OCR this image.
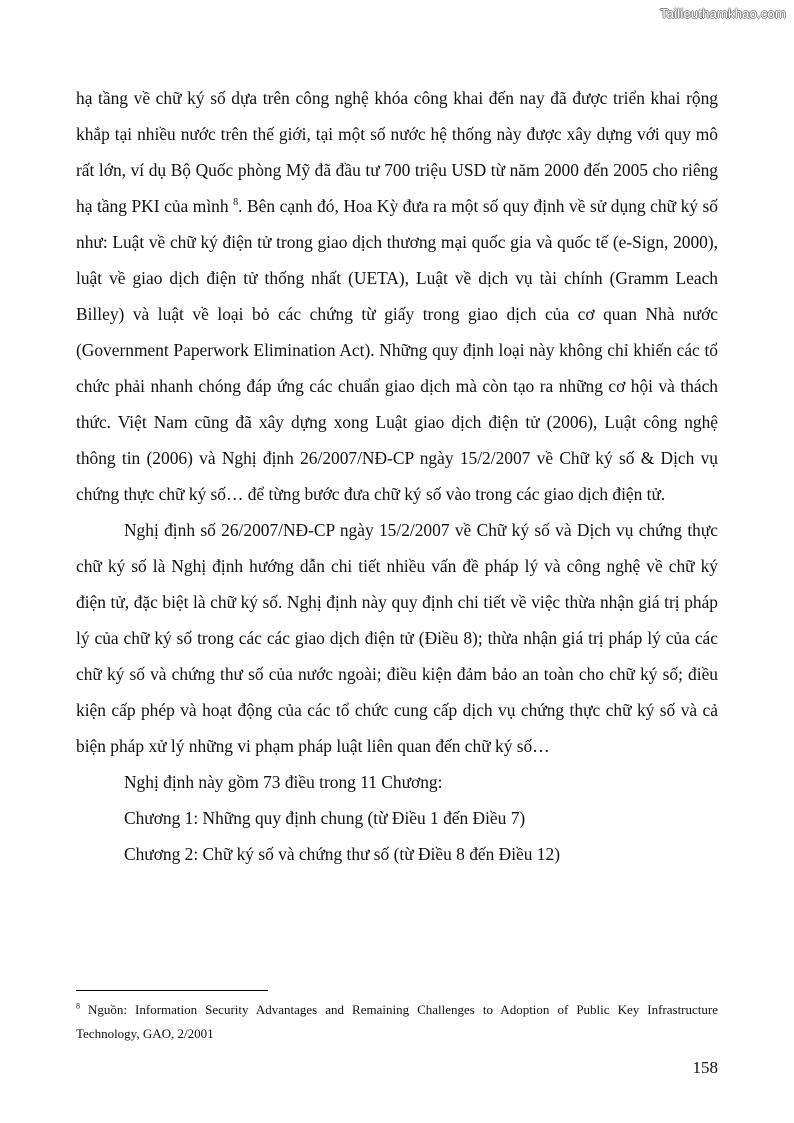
Tailieuthamkhao.com

hạ tầng về chữ ký số dựa trên công nghệ khóa công khai đến nay đã được triển khai rộng khắp tại nhiều nước trên thế giới, tại một số nước hệ thống này được xây dựng với quy mô rất lớn, ví dụ Bộ Quốc phòng Mỹ đã đầu tư 700 triệu USD từ năm 2000 đến 2005 cho riêng hạ tầng PKI của mình $^8$. Bên cạnh đó, Hoa Kỳ đưa ra một số quy định về sử dụng chữ ký số như: Luật về chữ ký điện tử trong giao dịch thương mại quốc gia và quốc tế (e-Sign, 2000), luật về giao dịch điện tử thống nhất (UETA), Luật về dịch vụ tài chính (Gramm Leach Billey) và luật về loại bỏ các chứng từ giấy trong giao dịch của cơ quan Nhà nước (Government Paperwork Elimination Act). Những quy định loại này không chỉ khiến các tổ chức phải nhanh chóng đáp ứng các chuẩn giao dịch mà còn tạo ra những cơ hội và thách thức. Việt Nam cũng đã xây dựng xong Luật giao dịch điện tử (2006), Luật công nghệ thông tin (2006) và Nghị định 26/2007/NĐ-CP ngày 15/2/2007 về Chữ ký số & Dịch vụ chứng thực chữ ký số… để từng bước đưa chữ ký số vào trong các giao dịch điện tử.

Nghị định số 26/2007/NĐ-CP ngày 15/2/2007 về Chữ ký số và Dịch vụ chứng thực chữ ký số là Nghị định hướng dẫn chi tiết nhiều vấn đề pháp lý và công nghệ về chữ ký điện tử, đặc biệt là chữ ký số. Nghị định này quy định chi tiết về việc thừa nhận giá trị pháp lý của chữ ký số trong các các giao dịch điện tử (Điều 8); thừa nhận giá trị pháp lý của các chữ ký số và chứng thư số của nước ngoài; điều kiện đảm bảo an toàn cho chữ ký số; điều kiện cấp phép và hoạt động của các tổ chức cung cấp dịch vụ chứng thực chữ ký số và cả biện pháp xử lý những vi phạm pháp luật liên quan đến chữ ký số…

Nghị định này gồm 73 điều trong 11 Chương:

Chương 1: Những quy định chung (từ Điều 1 đến Điều 7)

Chương 2: Chữ ký số và chứng thư số (từ Điều 8 đến Điều 12)

$^8$ Nguồn: Information Security Advantages and Remaining Challenges to Adoption of Public Key Infrastructure Technology, GAO, 2/2001

158
